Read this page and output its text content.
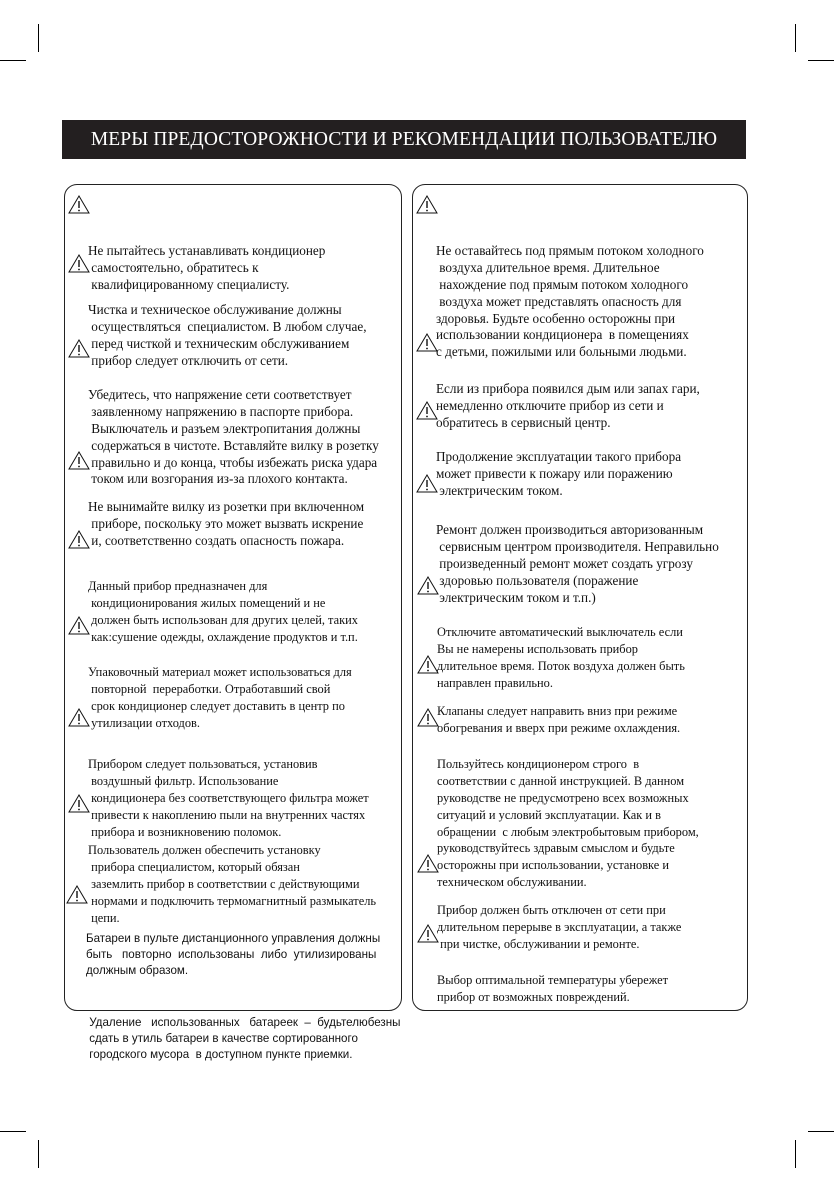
МЕРЫ ПРЕДОСТОРОЖНОСТИ И РЕКОМЕНДАЦИИ ПОЛЬЗОВАТЕЛЮ

Не пытайтесь устанавливать кондиционер
самостоятельно, обратитесь к
квалифицированному специалисту.

Чистка и техническое обслуживание должны
осуществляться  специалистом. В любом случае,
перед чисткой и техническим обслуживанием
прибор следует отключить от сети.

Убедитесь, что напряжение сети соответствует
заявленному напряжению в паспорте прибора.
Выключатель и разъем электропитания должны
содержаться в чистоте. Вставляйте вилку в розетку
правильно и до конца, чтобы избежать риска удара
током или возгорания из-за плохого контакта.

Не вынимайте вилку из розетки при включенном
приборе, поскольку это может вызвать искрение
и, соответственно создать опасность пожара.

Данный прибор предназначен для
кондиционирования жилых помещений и не
должен быть использован для других целей, таких
как:сушение одежды, охлаждение продуктов и т.п.

Упаковочный материал может использоваться для
повторной  переработки. Отработавший свой
срок кондиционер следует доставить в центр по
утилизации отходов.

Прибором следует пользоваться, установив
воздушный фильтр. Использование
кондиционера без соответствующего фильтра может
привести к накоплению пыли на внутренних частях
прибора и возникновению поломок.

Пользователь должен обеспечить установку
прибора специалистом, который обязан
заземлить прибор в соответствии с действующими
нормами и подключить термомагнитный размыкатель
цепи.

Батареи в пульте дистанционного управления должны
быть   повторно  использованы  либо  утилизированы
должным образом.

Удаление   использованных   батареек  –  будьтелюбезны
сдать в утиль батареи в качестве сортированного
городского мусора  в доступном пункте приемки.

Не оставайтесь под прямым потоком холодного
воздуха длительное время. Длительное
нахождение под прямым потоком холодного
воздуха может представлять опасность для
здоровья. Будьте особенно осторожны при
использовании кондиционера  в помещениях
с детьми, пожилыми или больными людьми.

Если из прибора появился дым или запах гари,
немедленно отключите прибор из сети и
обратитесь в сервисный центр.

Продолжение эксплуатации такого прибора
может привести к пожару или поражению
электрическим током.

Ремонт должен производиться авторизованным
сервисным центром производителя. Неправильно
произведенный ремонт может создать угрозу
здоровью пользователя (поражение
электрическим током и т.п.)

Отключите автоматический выключатель если
Вы не намерены использовать прибор
длительное время. Поток воздуха должен быть
направлен правильно.

Клапаны следует направить вниз при режиме
обогревания и вверх при режиме охлаждения.

Пользуйтесь кондиционером строго  в
соответствии с данной инструкцией. В данном
руководстве не предусмотрено всех возможных
ситуаций и условий эксплуатации. Как и в
обращении  с любым электробытовым прибором,
руководствуйтесь здравым смыслом и будьте
осторожны при использовании, установке и
техническом обслуживании.

Прибор должен быть отключен от сети при
длительном перерыве в эксплуатации, а также
при чистке, обслуживании и ремонте.

Выбор оптимальной температуры убережет
прибор от возможных повреждений.
